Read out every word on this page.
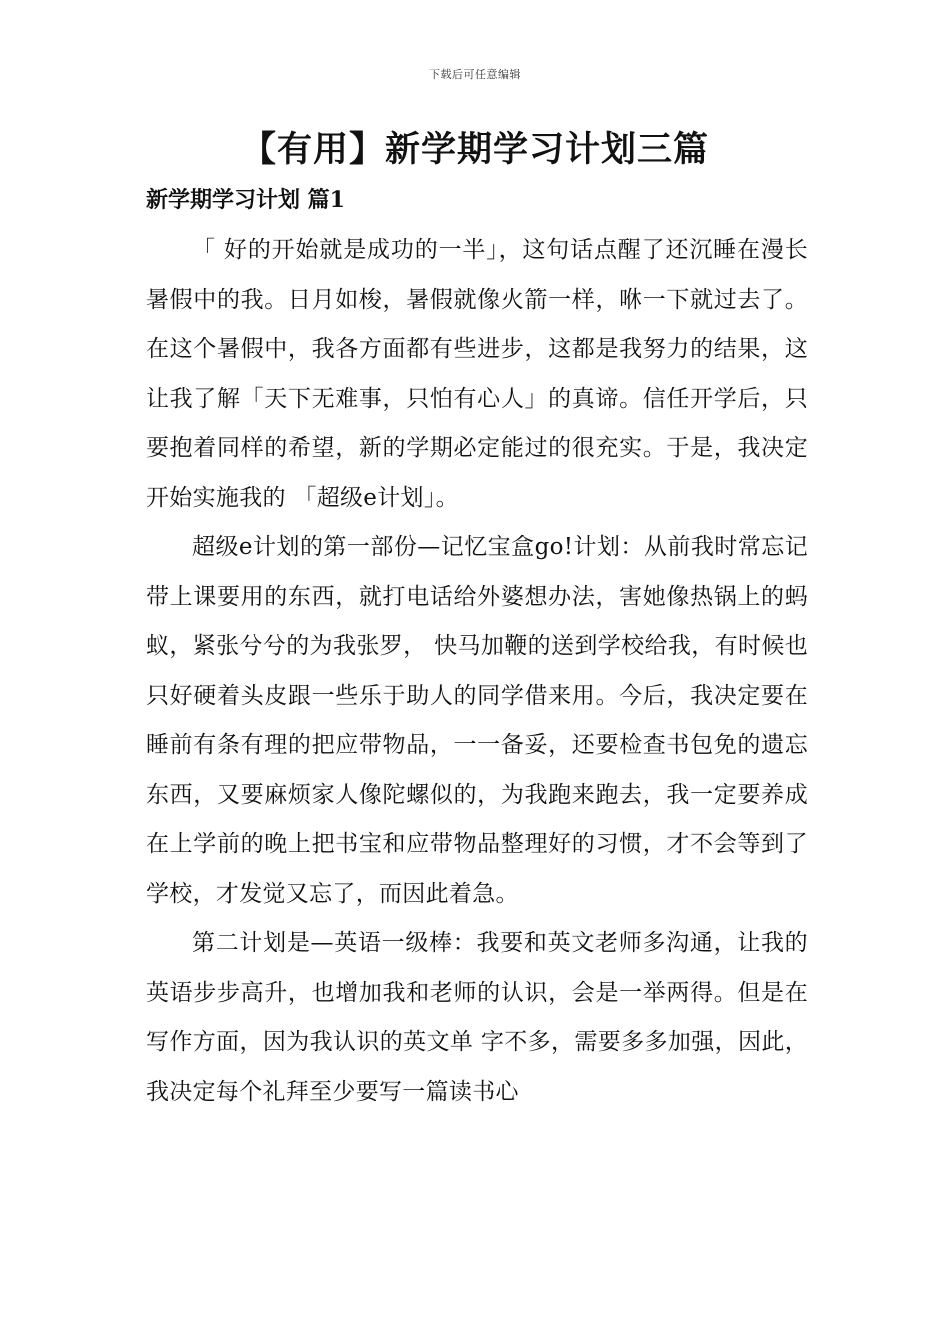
下载后可任意编辑
【有用】新学期学习计划三篇
新学期学习计划 篇1

「 好的开始就是成功的一半」，这句话点醒了还沉睡在漫长暑假中的我。日月如梭，暑假就像火箭一样，咻一下就过去了。在这个暑假中，我各方面都有些进步，这都是我努力的结果，这让我了解「天下无难事，只怕有心人」的真谛。信任开学后，只要抱着同样的希望，新的学期必定能过的很充实。于是，我决定开始实施我的 「超级e计划」。

超级e计划的第一部份—记忆宝盒go!计划：从前我时常忘记带上课要用的东西，就打电话给外婆想办法，害她像热锅上的蚂蚁，紧张兮兮的为我张罗， 快马加鞭的送到学校给我，有时候也只好硬着头皮跟一些乐于助人的同学借来用。今后，我决定要在睡前有条有理的把应带物品，一一备妥，还要检查书包免的遗忘 东西，又要麻烦家人像陀螺似的，为我跑来跑去，我一定要养成在上学前的晚上把书宝和应带物品整理好的习惯，才不会等到了学校，才发觉又忘了，而因此着急。

第二计划是—英语一级棒：我要和英文老师多沟通，让我的英语步步高升，也增加我和老师的认识，会是一举两得。但是在写作方面，因为我认识的英文单 字不多，需要多多加强，因此，我决定每个礼拜至少要写一篇读书心
